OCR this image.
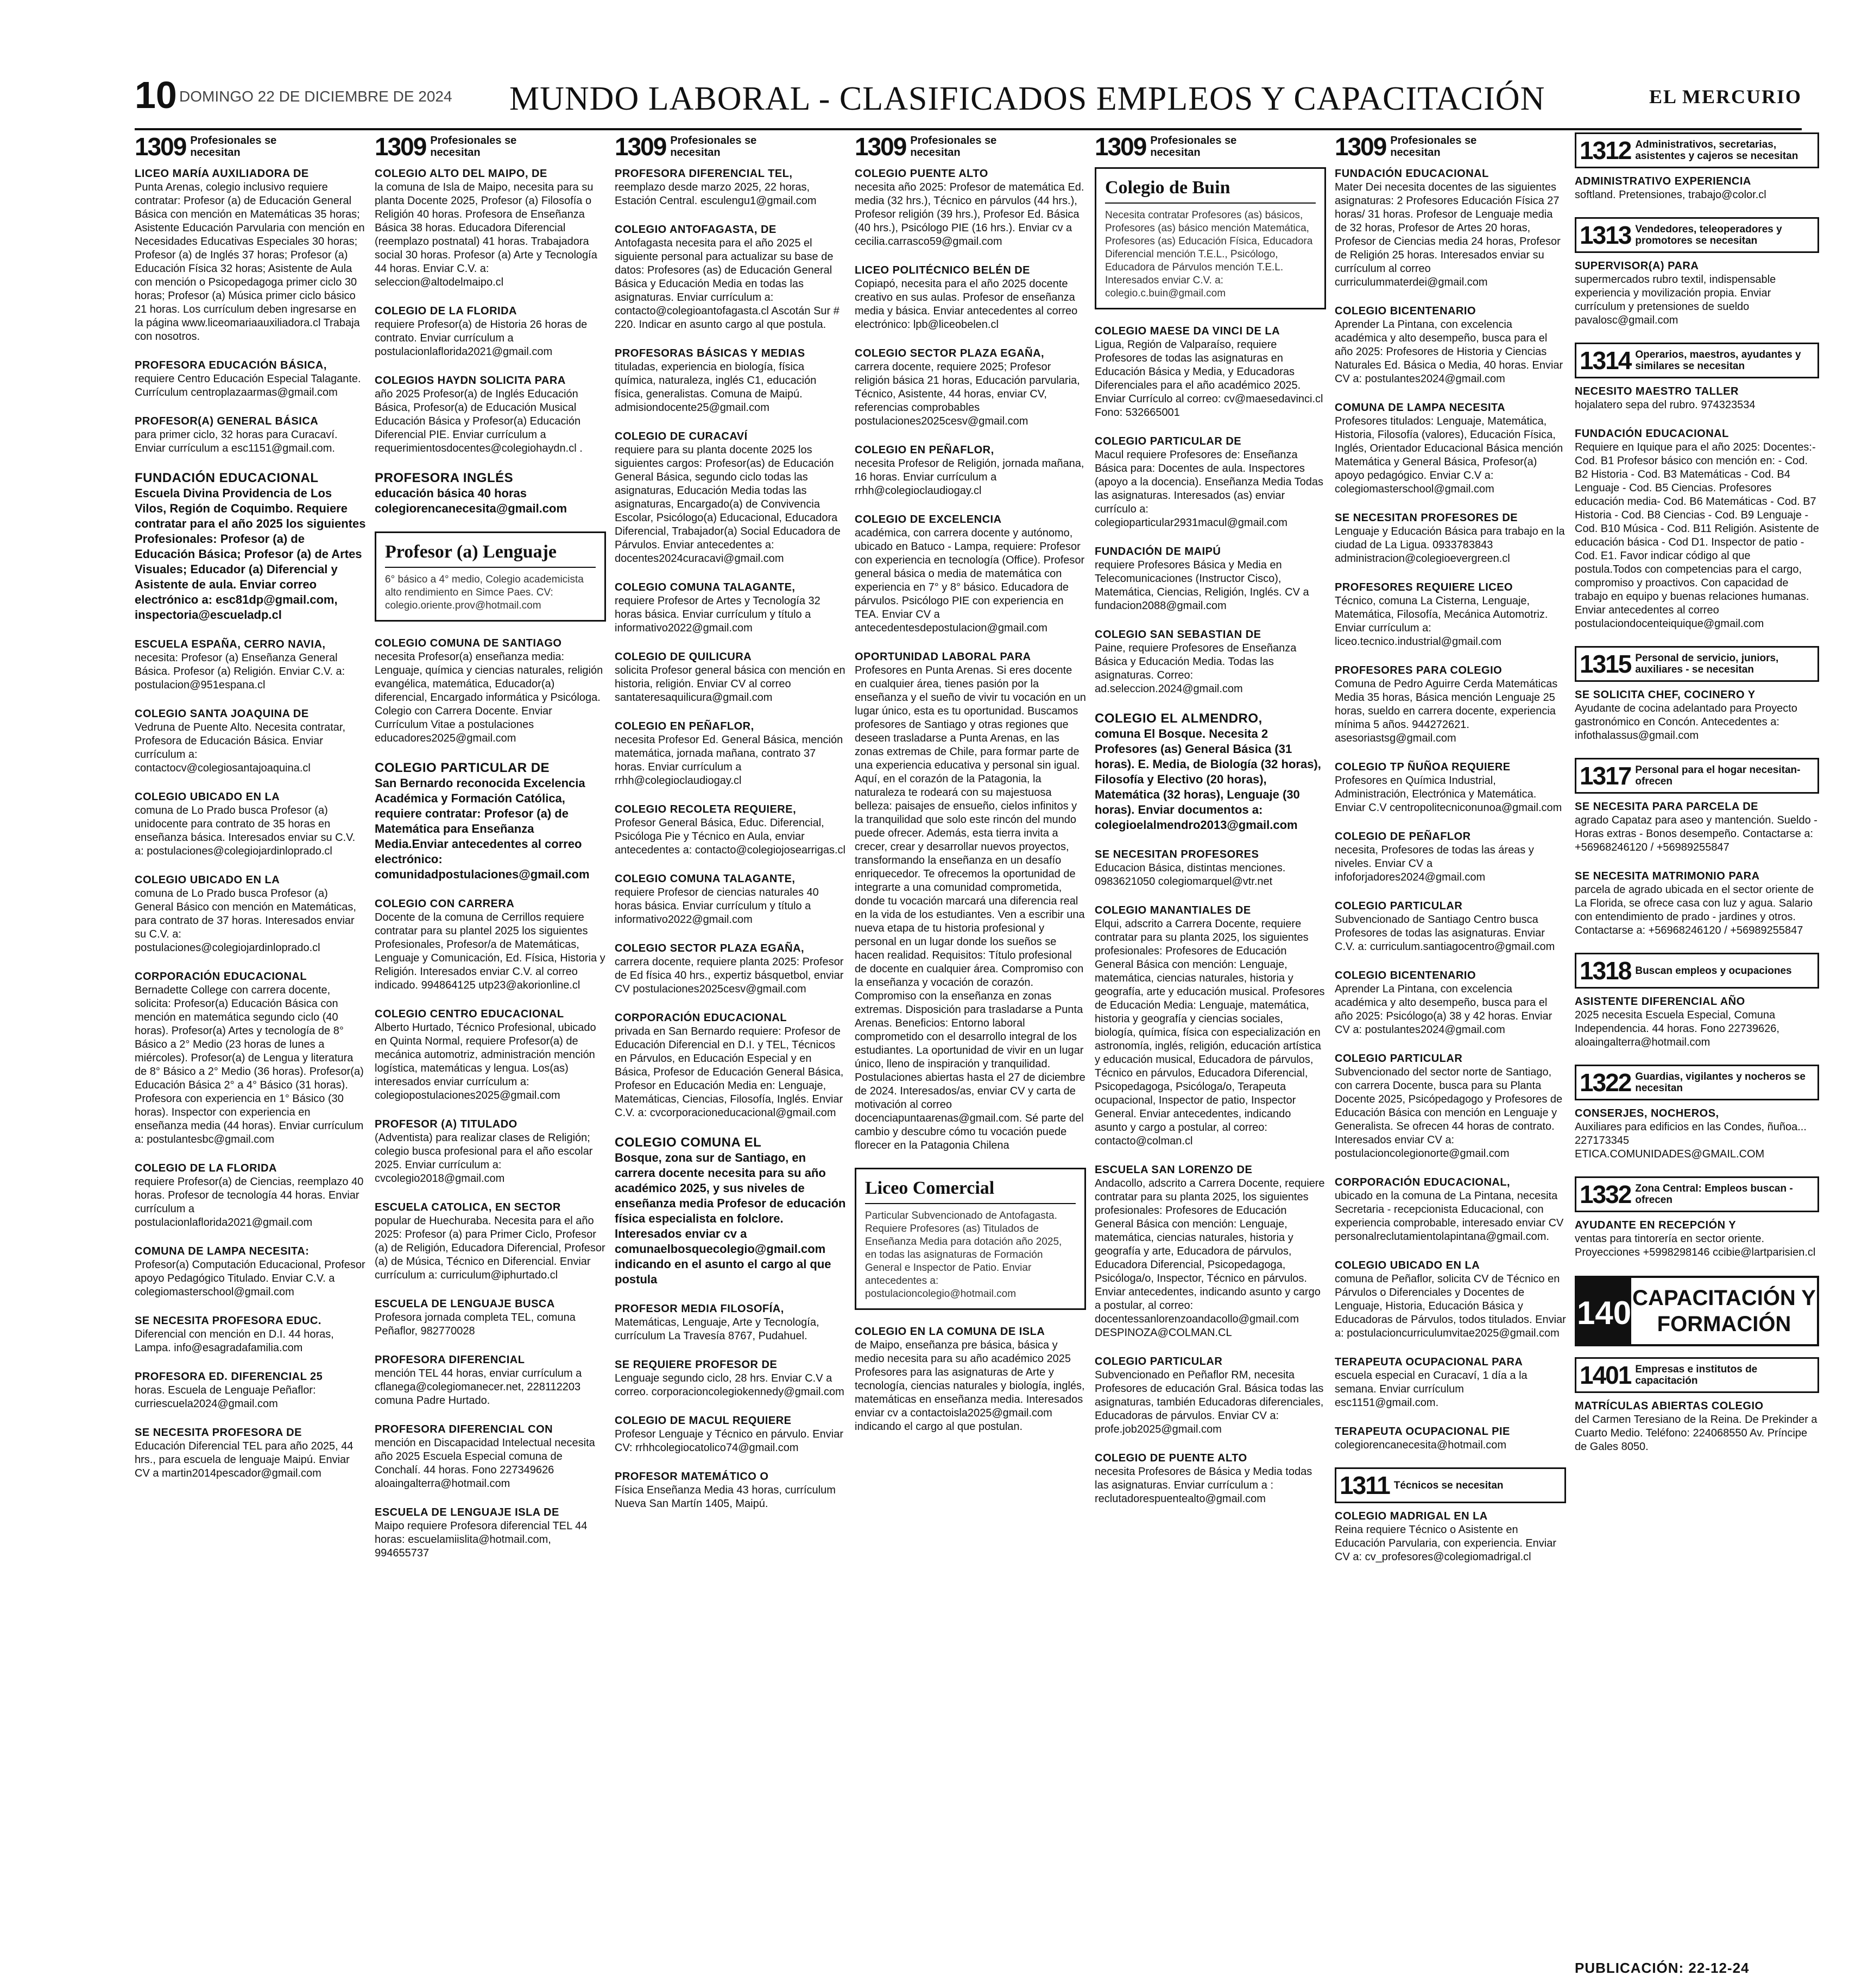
10 DOMINGO 22 DE DICIEMBRE DE 2024 MUNDO LABORAL - CLASIFICADOS EMPLEOS Y CAPACITACIÓN	EL MERCURIO
1309 Profesionales se necesitan
LICEO MARÍA AUXILIADORA DE
Punta Arenas, colegio inclusivo requiere contratar: Profesor (a) de Educación General Básica con mención en Matemáticas 35 horas; Asistente Educación Parvularia con mención en Necesidades Educativas Especiales 30 horas; Profesor (a) de Inglés 37 horas; Profesor (a) Educación Física 32 horas; Asistente de Aula con mención o Psicopedagoga primer ciclo 30 horas; Profesor (a) Música primer ciclo básico 21 horas. Los currículum deben ingresarse en la página www.liceomariaauxiliadora.cl Trabaja con nosotros.
PROFESORA EDUCACIÓN BÁSICA,
requiere Centro Educación Especial Talagante. Currículum centroplazaarmas@gmail.com
PROFESOR(A) GENERAL BÁSICA
para primer ciclo, 32 horas para Curacaví. Enviar currículum a esc1151@gmail.com.
FUNDACIÓN EDUCACIONAL
Escuela Divina Providencia de Los Vilos, Región de Coquimbo. Requiere contratar para el año 2025 los siguientes Profesionales: Profesor (a) de Educación Básica; Profesor (a) de Artes Visuales; Educador (a) Diferencial y Asistente de aula. Enviar correo electrónico a: esc81dp@gmail.com, inspectoria@escueladp.cl
ESCUELA ESPAÑA, CERRO NAVIA,
necesita: Profesor (a) Enseñanza General Básica. Profesor (a) Religión. Enviar C.V. a: postulacion@951espana.cl
COLEGIO SANTA JOAQUINA DE
Vedruna de Puente Alto. Necesita contratar, Profesora de Educación Básica. Enviar currículum a: contactocv@colegiosantajoaquina.cl
COLEGIO UBICADO EN LA
comuna de Lo Prado busca Profesor (a) unidocente para contrato de 35 horas en enseñanza básica. Interesados enviar su C.V. a: postulaciones@colegiojardinloprado.cl
COLEGIO UBICADO EN LA
comuna de Lo Prado busca Profesor (a) General Básico con mención en Matemáticas, para contrato de 37 horas. Interesados enviar su C.V. a: postulaciones@colegiojardinloprado.cl
CORPORACIÓN EDUCACIONAL
Bernadette College con carrera docente, solicita: Profesor(a) Educación Básica con mención en matemática segundo ciclo (40 horas). Profesor(a) Artes y tecnología de 8° Básico a 2° Medio (23 horas de lunes a miércoles). Profesor(a) de Lengua y literatura de 8° Básico a 2° Medio (36 horas). Profesor(a) Educación Básica 2° a 4° Básico (31 horas). Profesora con experiencia en 1° Básico (30 horas). Inspector con experiencia en enseñanza media (44 horas). Enviar currículum a: postulantesbc@gmail.com
COLEGIO DE LA FLORIDA
requiere Profesor(a) de Ciencias, reemplazo 40 horas. Profesor de tecnología 44 horas. Enviar currículum a postulacionlaflorida2021@gmail.com
COMUNA DE LAMPA NECESITA:
Profesor(a) Computación Educacional, Profesor apoyo Pedagógico Titulado. Enviar C.V. a colegiomasterschool@gmail.com
SE NECESITA PROFESORA EDUC.
Diferencial con mención en D.I. 44 horas, Lampa. info@esagradafamilia.com
PROFESORA ED. DIFERENCIAL 25
horas. Escuela de Lenguaje Peñaflor: curriescuela2024@gmail.com
SE NECESITA PROFESORA DE
Educación Diferencial TEL para año 2025, 44 hrs., para escuela de lenguaje Maipú. Enviar CV a martin2014pescador@gmail.com
1309 Profesionales se necesitan
COLEGIO ALTO DEL MAIPO, DE
la comuna de Isla de Maipo, necesita para su planta Docente 2025, Profesor (a) Filosofía o Religión 40 horas. Profesora de Enseñanza Básica 38 horas. Educadora Diferencial (reemplazo postnatal) 41 horas. Trabajadora social 30 horas. Profesor (a) Arte y Tecnología 44 horas. Enviar C.V. a: seleccion@altodelmaipo.cl
COLEGIO DE LA FLORIDA
requiere Profesor(a) de Historia 26 horas de contrato. Enviar currículum a postulacionlaflorida2021@gmail.com
COLEGIOS HAYDN SOLICITA PARA
año 2025 Profesor(a) de Inglés Educación Básica, Profesor(a) de Educación Musical Educación Básica y Profesor(a) Educación Diferencial PIE. Enviar currículum a requerimientosdocentes@colegiohaydn.cl .
PROFESORA INGLÉS
educación básica 40 horas colegiorencanecesita@gmail.com
Profesor (a) Lenguaje
6° básico a 4° medio, Colegio academicista alto rendimiento en Simce Paes. CV: colegio.oriente.prov@hotmail.com
COLEGIO COMUNA DE SANTIAGO
necesita Profesor(a) enseñanza media: Lenguaje, química y ciencias naturales, religión evangélica, matemática, Educador(a) diferencial, Encargado informática y Psicóloga. Colegio con Carrera Docente. Enviar Currículum Vitae a postulaciones educadores2025@gmail.com
COLEGIO PARTICULAR DE
San Bernardo reconocida Excelencia Académica y Formación Católica, requiere contratar: Profesor (a) de Matemática para Enseñanza Media.Enviar antecedentes al correo electrónico: comunidadpostulaciones@gmail.com
COLEGIO CON CARRERA
Docente de la comuna de Cerrillos requiere contratar para su plantel 2025 los siguientes Profesionales, Profesor/a de Matemáticas, Lenguaje y Comunicación, Ed. Física, Historia y Religión. Interesados enviar C.V. al correo indicado. 994864125 utp23@akorionline.cl
COLEGIO CENTRO EDUCACIONAL
Alberto Hurtado, Técnico Profesional, ubicado en Quinta Normal, requiere Profesor(a) de mecánica automotriz, administración mención logística, matemáticas y lengua. Los(as) interesados enviar currículum a: colegiopostulaciones2025@gmail.com
PROFESOR (A) TITULADO
(Adventista) para realizar clases de Religión; colegio busca profesional para el año escolar 2025. Enviar currículum a: cvcolegio2018@gmail.com
ESCUELA CATOLICA, EN SECTOR
popular de Huechuraba. Necesita para el año 2025: Profesor (a) para Primer Ciclo, Profesor (a) de Religión, Educadora Diferencial, Profesor (a) de Música, Técnico en Diferencial. Enviar currículum a: curriculum@iphurtado.cl
ESCUELA DE LENGUAJE BUSCA
Profesora jornada completa TEL, comuna Peñaflor, 982770028
PROFESORA DIFERENCIAL
mención TEL 44 horas, enviar currículum a cflanega@colegiomanecer.net, 228112203 comuna Padre Hurtado.
PROFESORA DIFERENCIAL CON
mención en Discapacidad Intelectual necesita año 2025 Escuela Especial comuna de Conchalí. 44 horas. Fono 227349626 aloaingalterra@hotmail.com
ESCUELA DE LENGUAJE ISLA DE
Maipo requiere Profesora diferencial TEL 44 horas: escuelamiislita@hotmail.com, 994655737
1309 Profesionales se necesitan
PROFESORA DIFERENCIAL TEL,
reemplazo desde marzo 2025, 22 horas, Estación Central. esculengu1@gmail.com
COLEGIO ANTOFAGASTA, DE
Antofagasta necesita para el año 2025 el siguiente personal para actualizar su base de datos: Profesores (as) de Educación General Básica y Educación Media en todas las asignaturas. Enviar currículum a: contacto@colegioantofagasta.cl Ascotán Sur # 220. Indicar en asunto cargo al que postula.
PROFESORAS BÁSICAS Y MEDIAS
tituladas, experiencia en biología, física química, naturaleza, inglés C1, educación física, generalistas. Comuna de Maipú. admisiondocente25@gmail.com
COLEGIO DE CURACAVÍ
requiere para su planta docente 2025 los siguientes cargos: Profesor(as) de Educación General Básica, segundo ciclo todas las asignaturas, Educación Media todas las asignaturas, Encargado(a) de Convivencia Escolar, Psicólogo(a) Educacional, Educadora Diferencial, Trabajador(a) Social Educadora de Párvulos. Enviar antecedentes a: docentes2024curacavi@gmail.com
COLEGIO COMUNA TALAGANTE,
requiere Profesor de Artes y Tecnología 32 horas básica. Enviar currículum y título a informativo2022@gmail.com
COLEGIO DE QUILICURA
solicita Profesor general básica con mención en historia, religión. Enviar CV al correo santateresaquilicura@gmail.com
COLEGIO EN PEÑAFLOR,
necesita Profesor Ed. General Básica, mención matemática, jornada mañana, contrato 37 horas. Enviar currículum a rrhh@colegioclaudiogay.cl
COLEGIO RECOLETA REQUIERE,
Profesor General Básica, Educ. Diferencial, Psicóloga Pie y Técnico en Aula, enviar antecedentes a: contacto@colegiojosearrigas.cl
COLEGIO COMUNA TALAGANTE,
requiere Profesor de ciencias naturales 40 horas básica. Enviar currículum y título a informativo2022@gmail.com
COLEGIO SECTOR PLAZA EGAÑA,
carrera docente, requiere planta 2025: Profesor de Ed física 40 hrs., expertiz básquetbol, enviar CV postulaciones2025cesv@gmail.com
CORPORACIÓN EDUCACIONAL
privada en San Bernardo requiere: Profesor de Educación Diferencial en D.I. y TEL, Técnicos en Párvulos, en Educación Especial y en Básica, Profesor de Educación General Básica, Profesor en Educación Media en: Lenguaje, Matemáticas, Ciencias, Filosofía, Inglés. Enviar C.V. a: cvcorporacioneducacional@gmail.com
COLEGIO COMUNA EL
Bosque, zona sur de Santiago, en carrera docente necesita para su año académico 2025, y sus niveles de enseñanza media Profesor de educación física especialista en folclore. Interesados enviar cv a comunaelbosquecolegio@gmail.com indicando en el asunto el cargo al que postula
PROFESOR MEDIA FILOSOFÍA,
Matemáticas, Lenguaje, Arte y Tecnología, currículum La Travesía 8767, Pudahuel.
SE REQUIERE PROFESOR DE
Lenguaje segundo ciclo, 28 hrs. Enviar C.V a correo. corporacioncolegiokennedy@gmail.com
COLEGIO DE MACUL REQUIERE
Profesor Lenguaje y Técnico en párvulo. Enviar CV: rrhhcolegiocatolico74@gmail.com
PROFESOR MATEMÁTICO O
Física Enseñanza Media 43 horas, currículum Nueva San Martín 1405, Maipú.
1309 Profesionales se necesitan
COLEGIO PUENTE ALTO
necesita año 2025: Profesor de matemática Ed. media (32 hrs.), Técnico en párvulos (44 hrs.), Profesor religión (39 hrs.), Profesor Ed. Básica (40 hrs.), Psicólogo PIE (16 hrs.). Enviar cv a cecilia.carrasco59@gmail.com
LICEO POLITÉCNICO BELÉN DE
Copiapó, necesita para el año 2025 docente creativo en sus aulas. Profesor de enseñanza media y básica. Enviar antecedentes al correo electrónico: lpb@liceobelen.cl
COLEGIO SECTOR PLAZA EGAÑA,
carrera docente, requiere 2025; Profesor religión básica 21 horas, Educación parvularia, Técnico, Asistente, 44 horas, enviar CV, referencias comprobables postulaciones2025cesv@gmail.com
COLEGIO EN PEÑAFLOR,
necesita Profesor de Religión, jornada mañana, 16 horas. Enviar currículum a rrhh@colegioclaudiogay.cl
COLEGIO DE EXCELENCIA
académica, con carrera docente y autónomo, ubicado en Batuco - Lampa, requiere: Profesor con experiencia en tecnología (Office). Profesor general básica o media de matemática con experiencia en 7° y 8° básico. Educadora de párvulos. Psicólogo PIE con experiencia en TEA. Enviar CV a antecedentesdepostulacion@gmail.com
OPORTUNIDAD LABORAL PARA
Profesores en Punta Arenas. Si eres docente en cualquier área, tienes pasión por la enseñanza y el sueño de vivir tu vocación en un lugar único, esta es tu oportunidad. Buscamos profesores de Santiago y otras regiones que deseen trasladarse a Punta Arenas, en las zonas extremas de Chile, para formar parte de una experiencia educativa y personal sin igual. Aquí, en el corazón de la Patagonia, la naturaleza te rodeará con su majestuosa belleza: paisajes de ensueño, cielos infinitos y la tranquilidad que solo este rincón del mundo puede ofrecer. Además, esta tierra invita a crecer, crear y desarrollar nuevos proyectos, transformando la enseñanza en un desafío enriquecedor. Te ofrecemos la oportunidad de integrarte a una comunidad comprometida, donde tu vocación marcará una diferencia real en la vida de los estudiantes. Ven a escribir una nueva etapa de tu historia profesional y personal en un lugar donde los sueños se hacen realidad. Requisitos: Título profesional de docente en cualquier área. Compromiso con la enseñanza y vocación de corazón. Compromiso con la enseñanza en zonas extremas. Disposición para trasladarse a Punta Arenas. Beneficios: Entorno laboral comprometido con el desarrollo integral de los estudiantes. La oportunidad de vivir en un lugar único, lleno de inspiración y tranquilidad. Postulaciones abiertas hasta el 27 de diciembre de 2024. Interesados/as, enviar CV y carta de motivación al correo docenciapuntaarenas@gmail.com. Sé parte del cambio y descubre cómo tu vocación puede florecer en la Patagonia Chilena
Liceo Comercial
Particular Subvencionado de Antofagasta. Requiere Profesores (as) Titulados de Enseñanza Media para dotación año 2025, en todas las asignaturas de Formación General e Inspector de Patio. Enviar antecedentes a: postulacioncolegio@hotmail.com
COLEGIO EN LA COMUNA DE ISLA
de Maipo, enseñanza pre básica, básica y medio necesita para su año académico 2025 Profesores para las asignaturas de Arte y tecnología, ciencias naturales y biología, inglés, matemáticas en enseñanza media. Interesados enviar cv a contactoisla2025@gmail.com indicando el cargo al que postulan.
1309 Profesionales se necesitan
Colegio de Buin
Necesita contratar Profesores (as) básicos, Profesores (as) básico mención Matemática, Profesores (as) Educación Física, Educadora Diferencial mención T.E.L., Psicólogo, Educadora de Párvulos mención T.E.L. Interesados enviar C.V. a: colegio.c.buin@gmail.com
COLEGIO MAESE DA VINCI DE LA
Ligua, Región de Valparaíso, requiere Profesores de todas las asignaturas en Educación Básica y Media, y Educadoras Diferenciales para el año académico 2025. Enviar Currículo al correo: cv@maesedavinci.cl Fono: 532665001
COLEGIO PARTICULAR DE
Macul requiere Profesores de: Enseñanza Básica para: Docentes de aula. Inspectores (apoyo a la docencia). Enseñanza Media Todas las asignaturas. Interesados (as) enviar currículo a: colegioparticular2931macul@gmail.com
FUNDACIÓN DE MAIPÚ
requiere Profesores Básica y Media en Telecomunicaciones (Instructor Cisco), Matemática, Ciencias, Religión, Inglés. CV a fundacion2088@gmail.com
COLEGIO SAN SEBASTIAN DE
Paine, requiere Profesores de Enseñanza Básica y Educación Media. Todas las asignaturas. Correo: ad.seleccion.2024@gmail.com
COLEGIO EL ALMENDRO,
comuna El Bosque. Necesita 2 Profesores (as) General Básica (31 horas). E. Media, de Biología (32 horas), Filosofía y Electivo (20 horas), Matemática (32 horas), Lenguaje (30 horas). Enviar documentos a: colegioelalmendro2013@gmail.com
SE NECESITAN PROFESORES
Educacion Básica, distintas menciones. 0983621050 colegiomarquel@vtr.net
COLEGIO MANANTIALES DE
Elqui, adscrito a Carrera Docente, requiere contratar para su planta 2025, los siguientes profesionales: Profesores de Educación General Básica con mención: Lenguaje, matemática, ciencias naturales, historia y geografía, arte y educación musical. Profesores de Educación Media: Lenguaje, matemática, historia y geografía y ciencias sociales, biología, química, física con especialización en astronomía, inglés, religión, educación artística y educación musical, Educadora de párvulos, Técnico en párvulos, Educadora Diferencial, Psicopedagoga, Psicóloga/o, Terapeuta ocupacional, Inspector de patio, Inspector General. Enviar antecedentes, indicando asunto y cargo a postular, al correo: contacto@colman.cl
ESCUELA SAN LORENZO DE
Andacollo, adscrito a Carrera Docente, requiere contratar para su planta 2025, los siguientes profesionales: Profesores de Educación General Básica con mención: Lenguaje, matemática, ciencias naturales, historia y geografía y arte, Educadora de párvulos, Educadora Diferencial, Psicopedagoga, Psicóloga/o, Inspector, Técnico en párvulos. Enviar antecedentes, indicando asunto y cargo a postular, al correo: docentessanlorenzoandacollo@gmail.com DESPINOZA@COLMAN.CL
COLEGIO PARTICULAR
Subvencionado en Peñaflor RM, necesita Profesores de educación Gral. Básica todas las asignaturas, también Educadoras diferenciales, Educadoras de párvulos. Enviar CV a: profe.job2025@gmail.com
COLEGIO DE PUENTE ALTO
necesita Profesores de Básica y Media todas las asignaturas. Enviar currículum a : reclutadorespuentealto@gmail.com
1309 Profesionales se necesitan
FUNDACIÓN EDUCACIONAL
Mater Dei necesita docentes de las siguientes asignaturas: 2 Profesores Educación Física 27 horas/ 31 horas. Profesor de Lenguaje media de 32 horas, Profesor de Artes 20 horas, Profesor de Ciencias media 24 horas, Profesor de Religión 25 horas. Interesados enviar su currículum al correo curriculummaterdei@gmail.com
COLEGIO BICENTENARIO
Aprender La Pintana, con excelencia académica y alto desempeño, busca para el año 2025: Profesores de Historia y Ciencias Naturales Ed. Básica o Media, 40 horas. Enviar CV a: postulantes2024@gmail.com
COMUNA DE LAMPA NECESITA
Profesores titulados: Lenguaje, Matemática, Historia, Filosofía (valores), Educación Física, Inglés, Orientador Educacional Básica mención Matemática y General Básica, Profesor(a) apoyo pedagógico. Enviar C.V a: colegiomasterschool@gmail.com
SE NECESITAN PROFESORES DE
Lenguaje y Educación Básica para trabajo en la ciudad de La Ligua. 0933783843 administracion@colegioevergreen.cl
PROFESORES REQUIERE LICEO
Técnico, comuna La Cisterna, Lenguaje, Matemática, Filosofía, Mecánica Automotriz. Enviar currículum a: liceo.tecnico.industrial@gmail.com
PROFESORES PARA COLEGIO
Comuna de Pedro Aguirre Cerda Matemáticas Media 35 horas, Básica mención Lenguaje 25 horas, sueldo en carrera docente, experiencia mínima 5 años. 944272621. asesoriastsg@gmail.com
COLEGIO TP ÑUÑOA REQUIERE
Profesores en Química Industrial, Administración, Electrónica y Matemática. Enviar C.V centropolitecniconunoa@gmail.com
COLEGIO DE PEÑAFLOR
necesita, Profesores de todas las áreas y niveles. Enviar CV a infoforjadores2024@gmail.com
COLEGIO PARTICULAR
Subvencionado de Santiago Centro busca Profesores de todas las asignaturas. Enviar C.V. a: curriculum.santiagocentro@gmail.com
COLEGIO BICENTENARIO
Aprender La Pintana, con excelencia académica y alto desempeño, busca para el año 2025: Psicólogo(a) 38 y 42 horas. Enviar CV a: postulantes2024@gmail.com
COLEGIO PARTICULAR
Subvencionado del sector norte de Santiago, con carrera Docente, busca para su Planta Docente 2025, Psicópedagogo y Profesores de Educación Básica con mención en Lenguaje y Generalista. Se ofrecen 44 horas de contrato. Interesados enviar CV a: postulacioncolegionorte@gmail.com
CORPORACIÓN EDUCACIONAL,
ubicado en la comuna de La Pintana, necesita Secretaria - recepcionista Educacional, con experiencia comprobable, interesado enviar CV personalreclutamientolapintana@gmail.com.
COLEGIO UBICADO EN LA
comuna de Peñaflor, solicita CV de Técnico en Párvulos o Diferenciales y Docentes de Lenguaje, Historia, Educación Básica y Educadoras de Párvulos, todos titulados. Enviar a: postulacioncurriculumvitae2025@gmail.com
TERAPEUTA OCUPACIONAL PARA
escuela especial en Curacaví, 1 día a la semana. Enviar currículum esc1151@gmail.com.
TERAPEUTA OCUPACIONAL PIE
colegiorencanecesita@hotmail.com
1311 Técnicos se necesitan
COLEGIO MADRIGAL EN LA
Reina requiere Técnico o Asistente en Educación Parvularia, con experiencia. Enviar CV a: cv_profesores@colegiomadrigal.cl
1312 Administrativos, secretarias, asistentes y cajeros se necesitan
ADMINISTRATIVO EXPERIENCIA
softland. Pretensiones, trabajo@color.cl
1313 Vendedores, teleoperadores y promotores se necesitan
SUPERVISOR(A) PARA
supermercados rubro textil, indispensable experiencia y movilización propia. Enviar currículum y pretensiones de sueldo pavalosc@gmail.com
1314 Operarios, maestros, ayudantes y similares se necesitan
NECESITO MAESTRO TALLER
hojalatero sepa del rubro. 974323534
FUNDACIÓN EDUCACIONAL
Requiere en Iquique para el año 2025: Docentes:- Cod. B1 Profesor básico con mención en: - Cod. B2 Historia - Cod. B3 Matemáticas - Cod. B4 Lenguaje - Cod. B5 Ciencias. Profesores educación media- Cod. B6 Matemáticas - Cod. B7 Historia - Cod. B8 Ciencias - Cod. B9 Lenguaje - Cod. B10 Música - Cod. B11 Religión. Asistente de educación básica - Cod D1. Inspector de patio - Cod. E1. Favor indicar código al que postula.Todos con competencias para el cargo, compromiso y proactivos. Con capacidad de trabajo en equipo y buenas relaciones humanas. Enviar antecedentes al correo postulaciondocenteiquique@gmail.com
1315 Personal de servicio, juniors, auxiliares - se necesitan
SE SOLICITA CHEF, COCINERO Y
Ayudante de cocina adelantado para Proyecto gastronómico en Concón. Antecedentes a: infothalassus@gmail.com
1317 Personal para el hogar necesitan-ofrecen
SE NECESITA PARA PARCELA DE
agrado Capataz para aseo y mantención. Sueldo - Horas extras - Bonos desempeño. Contactarse a: +56968246120 / +56989255847
SE NECESITA MATRIMONIO PARA
parcela de agrado ubicada en el sector oriente de La Florida, se ofrece casa con luz y agua. Salario con entendimiento de prado - jardines y otros. Contactarse a: +56968246120 / +56989255847
1318 Buscan empleos y ocupaciones
ASISTENTE DIFERENCIAL AÑO
2025 necesita Escuela Especial, Comuna Independencia. 44 horas. Fono 22739626, aloaingalterra@hotmail.com
1322 Guardias, vigilantes y nocheros se necesitan
CONSERJES, NOCHEROS,
Auxiliares para edificios en las Condes, ñuñoa... 227173345 ETICA.COMUNIDADES@GMAIL.COM
1332 Zona Central: Empleos buscan - ofrecen
AYUDANTE EN RECEPCIÓN Y
ventas para tintorería en sector oriente. Proyecciones +5998298146 ccibie@lartparisien.cl
1400
CAPACITACIÓN Y FORMACIÓN
1401 Empresas e institutos de capacitación
MATRÍCULAS ABIERTAS COLEGIO
del Carmen Teresiano de la Reina. De Prekinder a Cuarto Medio. Teléfono: 224068550 Av. Príncipe de Gales 8050.
PUBLICACIÓN: 22-12-24
